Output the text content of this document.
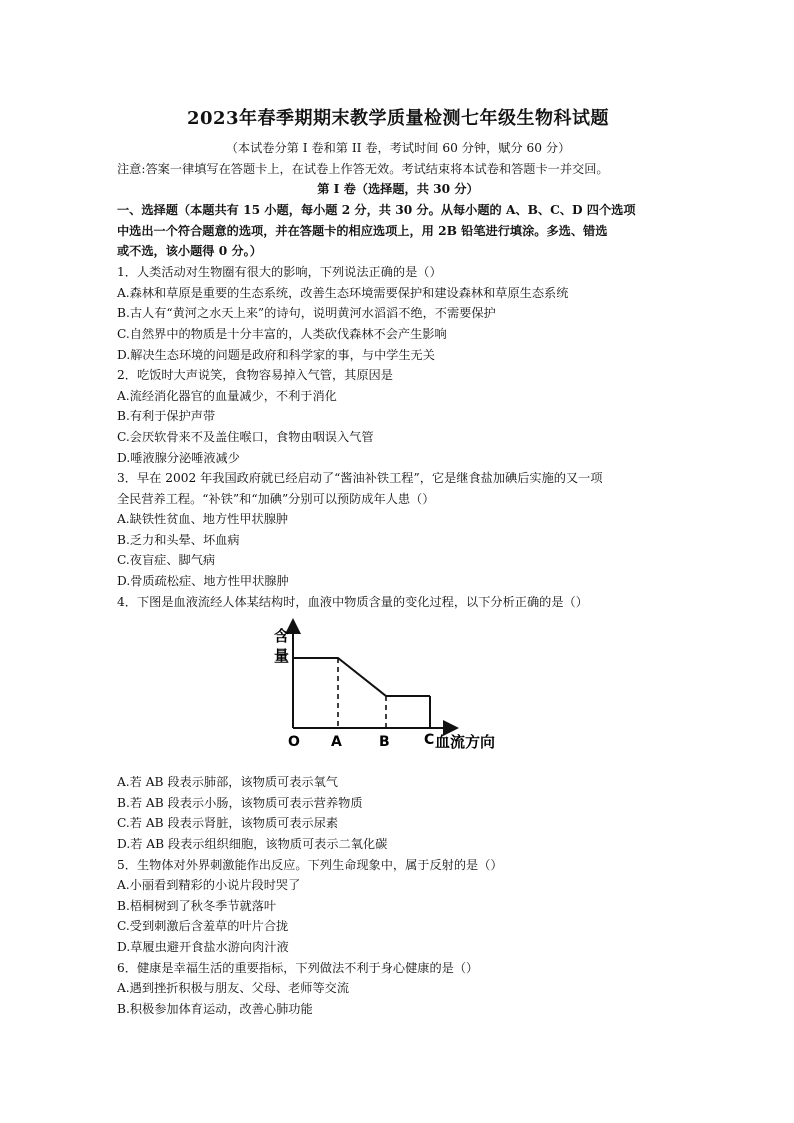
2023年春季期期末教学质量检测七年级生物科试题
（本试卷分第 I 卷和第 II 卷，考试时间 60 分钟，赋分 60 分）
注意:答案一律填写在答题卡上，在试卷上作答无效。考试结束将本试卷和答题卡一并交回。
第 I 卷（选择题，共 30 分）
一、选择题（本题共有 15 小题，每小题 2 分，共 30 分。从每小题的 A、B、C、D 四个选项
中选出一个符合题意的选项，并在答题卡的相应选项上，用 2B 铅笔进行填涂。多选、错选
或不选，该小题得 0 分。）
1．人类活动对生物圈有很大的影响，下列说法正确的是（）
A.森林和草原是重要的生态系统，改善生态环境需要保护和建设森林和草原生态系统
B.古人有“黄河之水天上来”的诗句，说明黄河水滔滔不绝，不需要保护
C.自然界中的物质是十分丰富的，人类砍伐森林不会产生影响
D.解决生态环境的问题是政府和科学家的事，与中学生无关
2．吃饭时大声说笑，食物容易掉入气管，其原因是
A.流经消化器官的血量减少，不利于消化
B.有利于保护声带
C.会厌软骨来不及盖住喉口，食物由咽误入气管
D.唾液腺分泌唾液减少
3．早在 2002 年我国政府就已经启动了“酱油补铁工程”，它是继食盐加碘后实施的又一项
全民营养工程。“补铁”和“加碘”分别可以预防成年人患（）
A.缺铁性贫血、地方性甲状腺肿
B.乏力和头晕、坏血病
C.夜盲症、脚气病
D.骨质疏松症、地方性甲状腺肿
4．下图是血液流经人体某结构时，血液中物质含量的变化过程，以下分析正确的是（）
含
量
O A	B C 血流方向
A.若 AB 段表示肺部，该物质可表示氧气
B.若 AB 段表示小肠，该物质可表示营养物质
C.若 AB 段表示肾脏，该物质可表示尿素
D.若 AB 段表示组织细胞，该物质可表示二氧化碳
5．生物体对外界刺激能作出反应。下列生命现象中，属于反射的是（）
A.小丽看到精彩的小说片段时哭了
B.梧桐树到了秋冬季节就落叶
C.受到刺激后含羞草的叶片合拢
D.草履虫避开食盐水游向肉汁液
6．健康是幸福生活的重要指标，下列做法不利于身心健康的是（）
A.遇到挫折积极与朋友、父母、老师等交流
B.积极参加体育运动，改善心肺功能
